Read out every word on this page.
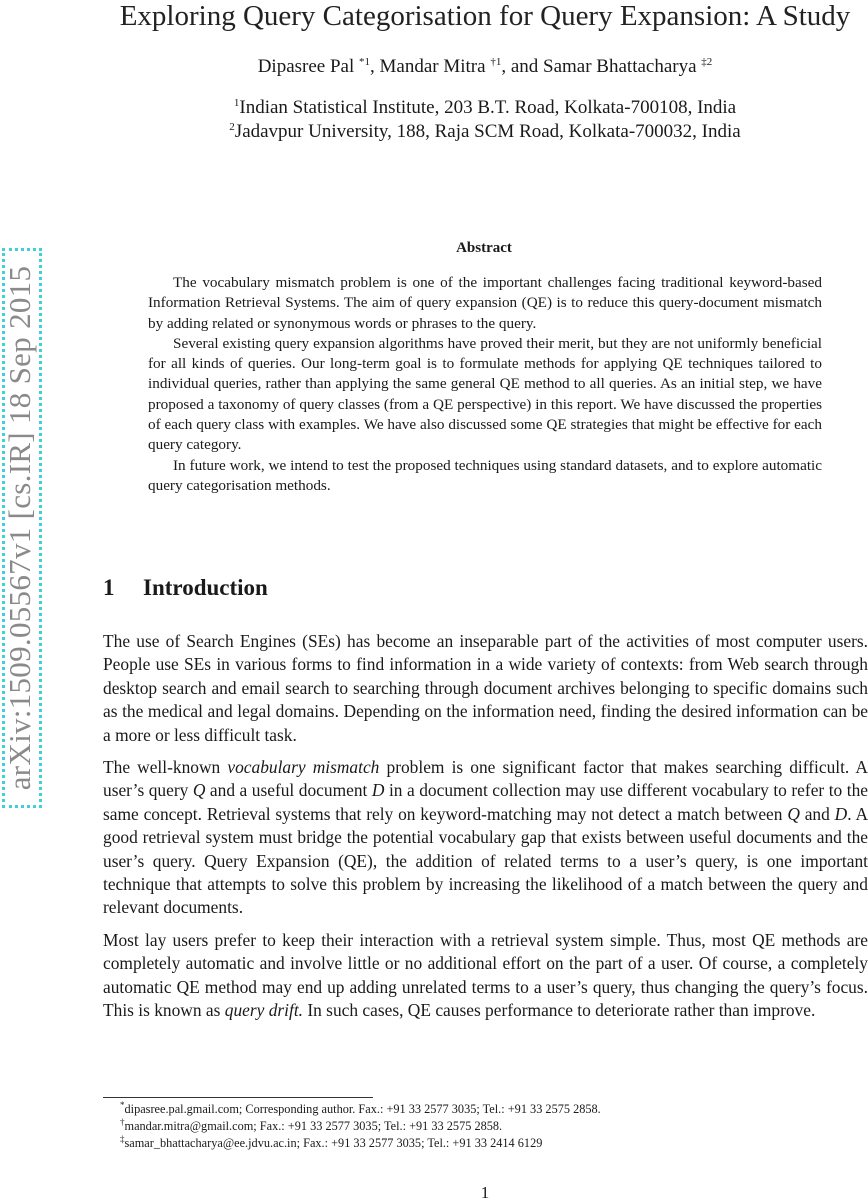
arXiv:1509.05567v1 [cs.IR] 18 Sep 2015
Exploring Query Categorisation for Query Expansion: A Study
Dipasree Pal $^{*1}$, Mandar Mitra $^{\dagger 1}$, and Samar Bhattacharya $^{\ddagger 2}$
$^1$Indian Statistical Institute, 203 B.T. Road, Kolkata-700108, India
$^2$Jadavpur University, 188, Raja SCM Road, Kolkata-700032, India
Abstract

The vocabulary mismatch problem is one of the important challenges facing traditional keyword-based Information Retrieval Systems. The aim of query expansion (QE) is to reduce this query-document mismatch by adding related or synonymous words or phrases to the query.

Several existing query expansion algorithms have proved their merit, but they are not uniformly beneficial for all kinds of queries. Our long-term goal is to formulate methods for applying QE techniques tailored to individual queries, rather than applying the same general QE method to all queries. As an initial step, we have proposed a taxonomy of query classes (from a QE perspective) in this report. We have discussed the properties of each query class with examples. We have also discussed some QE strategies that might be effective for each query category.

In future work, we intend to test the proposed techniques using standard datasets, and to explore automatic query categorisation methods.

1 Introduction

The use of Search Engines (SEs) has become an inseparable part of the activities of most computer users. People use SEs in various forms to find information in a wide variety of contexts: from Web search through desktop search and email search to searching through document archives belonging to specific domains such as the medical and legal domains. Depending on the information need, finding the desired information can be a more or less difficult task.

The well-known vocabulary mismatch problem is one significant factor that makes searching difficult. A user’s query Q and a useful document D in a document collection may use different vocabulary to refer to the same concept. Retrieval systems that rely on keyword-matching may not detect a match between Q and D. A good retrieval system must bridge the potential vocabulary gap that exists between useful documents and the user’s query. Query Expansion (QE), the addition of related terms to a user’s query, is one important technique that attempts to solve this problem by increasing the likelihood of a match between the query and relevant documents.

Most lay users prefer to keep their interaction with a retrieval system simple. Thus, most QE methods are completely automatic and involve little or no additional effort on the part of a user. Of course, a completely automatic QE method may end up adding unrelated terms to a user’s query, thus changing the query’s focus. This is known as query drift. In such cases, QE causes performance to deteriorate rather than improve.

*dipasree.pal.gmail.com; Corresponding author. Fax.: +91 33 2577 3035; Tel.: +91 33 2575 2858.
†mandar.mitra@gmail.com; Fax.: +91 33 2577 3035; Tel.: +91 33 2575 2858.
‡samar_bhattacharya@ee.jdvu.ac.in; Fax.: +91 33 2577 3035; Tel.: +91 33 2414 6129
1
